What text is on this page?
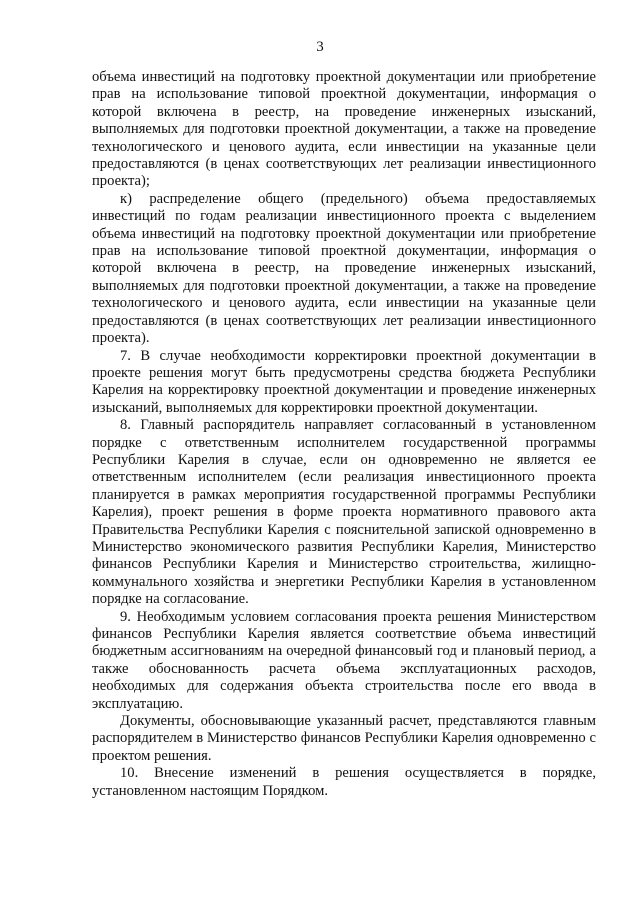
3

объема инвестиций на подготовку проектной документации или приобретение прав на использование типовой проектной документации, информация о которой включена в реестр, на проведение инженерных изысканий, выполняемых для подготовки проектной документации, а также на проведение технологического и ценового аудита, если инвестиции на указанные цели предоставляются (в ценах соответствующих лет реализации инвестиционного проекта);

к) распределение общего (предельного) объема предоставляемых инвестиций по годам реализации инвестиционного проекта с выделением объема инвестиций на подготовку проектной документации или приобретение прав на использование типовой проектной документации, информация о которой включена в реестр, на проведение инженерных изысканий, выполняемых для подготовки проектной документации, а также на проведение технологического и ценового аудита, если инвестиции на указанные цели предоставляются (в ценах соответствующих лет реализации инвестиционного проекта).

7. В случае необходимости корректировки проектной документации в проекте решения могут быть предусмотрены средства бюджета Республики Карелия на корректировку проектной документации и проведение инженерных изысканий, выполняемых для корректировки проектной документации.

8. Главный распорядитель направляет согласованный в установленном порядке с ответственным исполнителем государственной программы Республики Карелия в случае, если он одновременно не является ее ответственным исполнителем (если реализация инвестиционного проекта планируется в рамках мероприятия государственной программы Республики Карелия), проект решения в форме проекта нормативного правового акта Правительства Республики Карелия с пояснительной запиской одновременно в Министерство экономического развития Республики Карелия, Министерство финансов Республики Карелия и Министерство строительства, жилищно-коммунального хозяйства и энергетики Республики Карелия в установленном порядке на согласование.

9. Необходимым условием согласования проекта решения Министерством финансов Республики Карелия является соответствие объема инвестиций бюджетным ассигнованиям на очередной финансовый год и плановый период, а также обоснованность расчета объема эксплуатационных расходов, необходимых для содержания объекта строительства после его ввода в эксплуатацию.

Документы, обосновывающие указанный расчет, представляются главным распорядителем в Министерство финансов Республики Карелия одновременно с проектом решения.

10. Внесение изменений в решения осуществляется в порядке, установленном настоящим Порядком.
